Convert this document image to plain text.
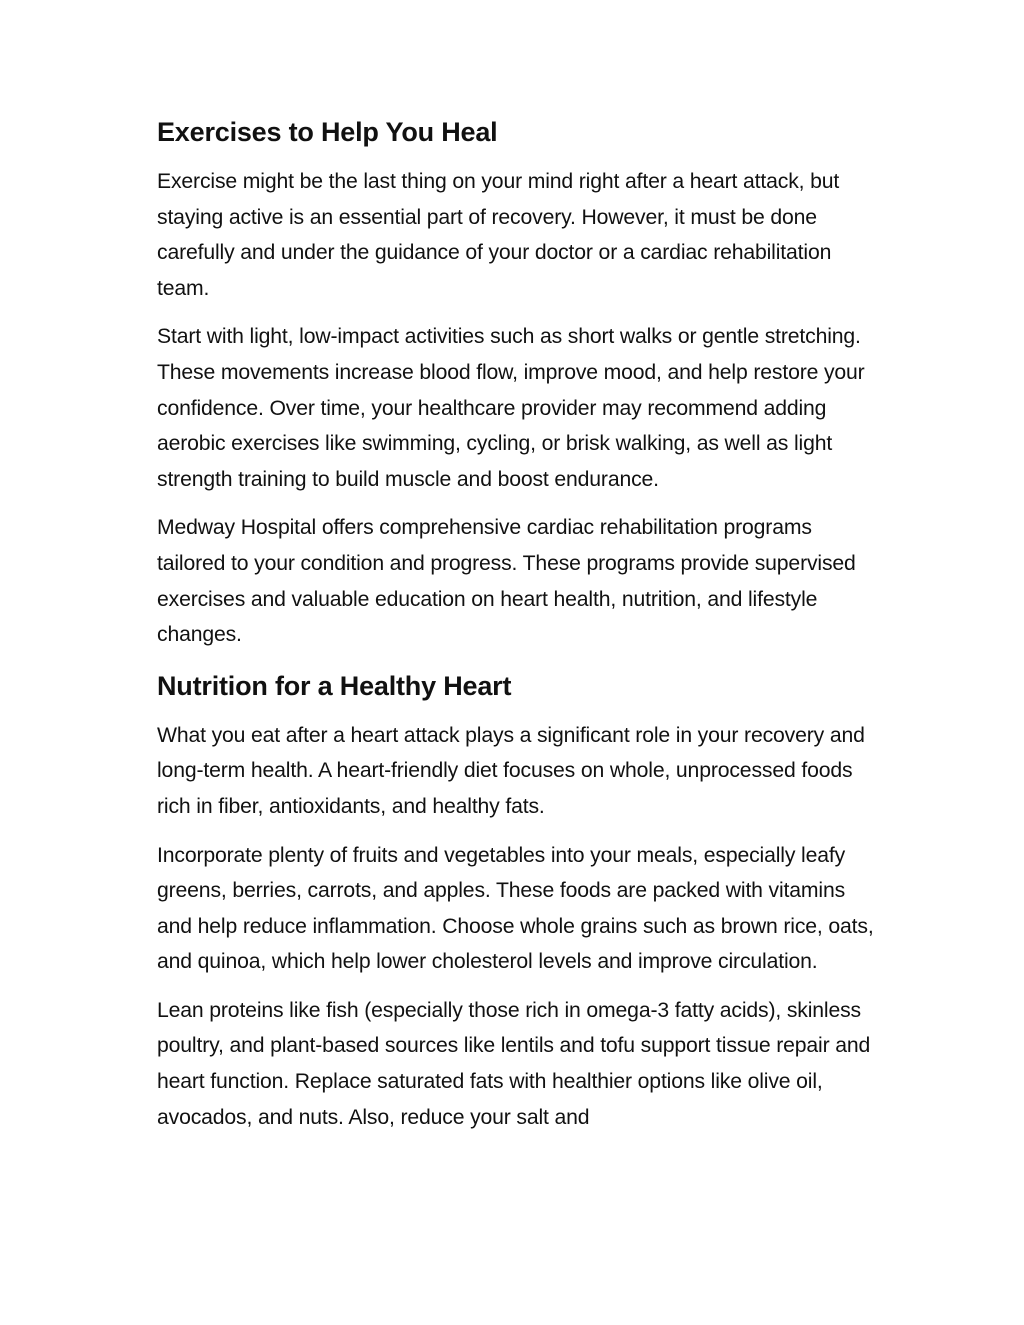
Exercises to Help You Heal

Exercise might be the last thing on your mind right after a heart attack, but staying active is an essential part of recovery. However, it must be done carefully and under the guidance of your doctor or a cardiac rehabilitation team.

Start with light, low-impact activities such as short walks or gentle stretching. These movements increase blood flow, improve mood, and help restore your confidence. Over time, your healthcare provider may recommend adding aerobic exercises like swimming, cycling, or brisk walking, as well as light strength training to build muscle and boost endurance.

Medway Hospital offers comprehensive cardiac rehabilitation programs tailored to your condition and progress. These programs provide supervised exercises and valuable education on heart health, nutrition, and lifestyle changes.

Nutrition for a Healthy Heart

What you eat after a heart attack plays a significant role in your recovery and long-term health. A heart-friendly diet focuses on whole, unprocessed foods rich in fiber, antioxidants, and healthy fats.

Incorporate plenty of fruits and vegetables into your meals, especially leafy greens, berries, carrots, and apples. These foods are packed with vitamins and help reduce inflammation. Choose whole grains such as brown rice, oats, and quinoa, which help lower cholesterol levels and improve circulation.

Lean proteins like fish (especially those rich in omega-3 fatty acids), skinless poultry, and plant-based sources like lentils and tofu support tissue repair and heart function. Replace saturated fats with healthier options like olive oil, avocados, and nuts. Also, reduce your salt and
